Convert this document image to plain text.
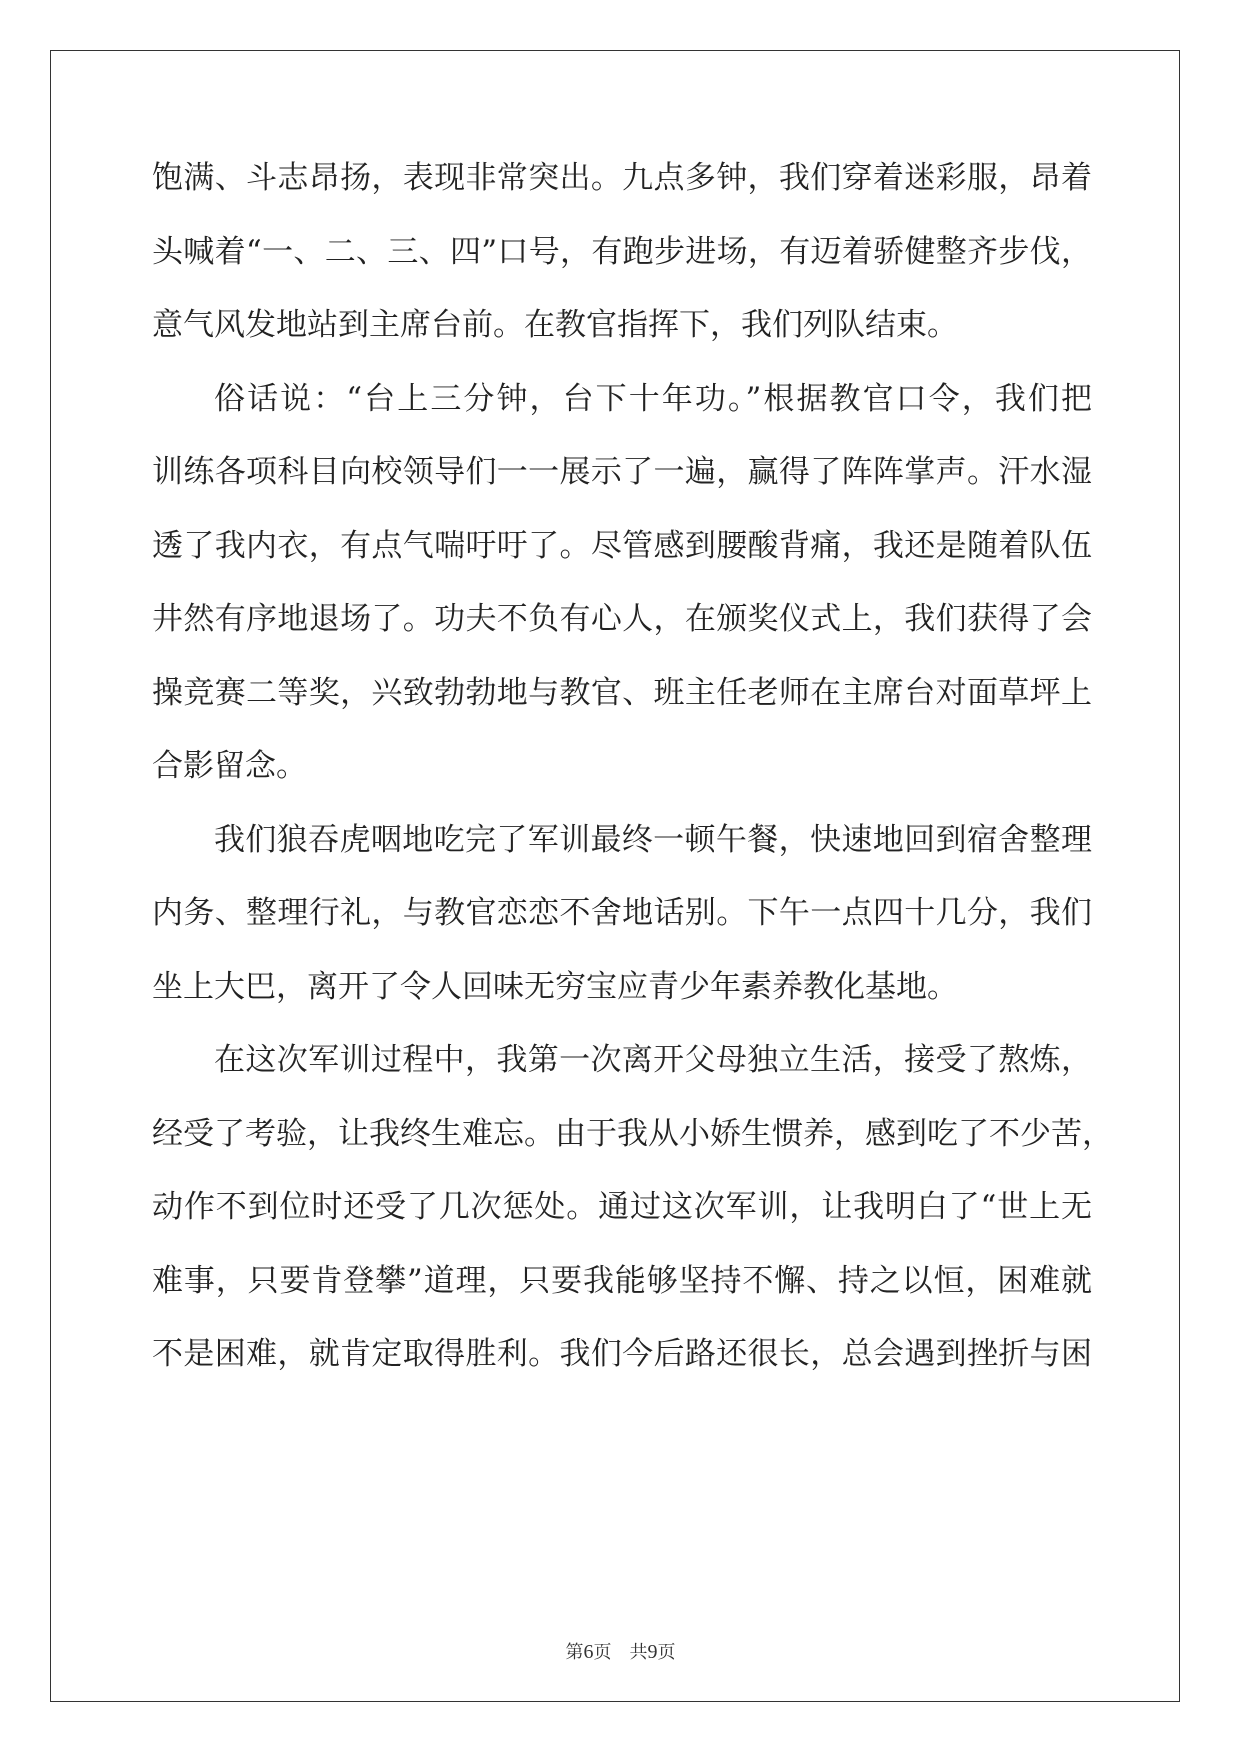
饱满、斗志昂扬，表现非常突出。九点多钟，我们穿着迷彩服，昂着
头喊着“一、二、三、四”口号，有跑步进场，有迈着骄健整齐步伐，
意气风发地站到主席台前。在教官指挥下，我们列队结束。
俗话说：“台上三分钟，台下十年功。”根据教官口令，我们把
训练各项科目向校领导们一一展示了一遍，赢得了阵阵掌声。汗水湿
透了我内衣，有点气喘吁吁了。尽管感到腰酸背痛，我还是随着队伍
井然有序地退场了。功夫不负有心人，在颁奖仪式上，我们获得了会
操竞赛二等奖，兴致勃勃地与教官、班主任老师在主席台对面草坪上
合影留念。
我们狼吞虎咽地吃完了军训最终一顿午餐，快速地回到宿舍整理
内务、整理行礼，与教官恋恋不舍地话别。下午一点四十几分，我们
坐上大巴，离开了令人回味无穷宝应青少年素养教化基地。
在这次军训过程中，我第一次离开父母独立生活，接受了熬炼，
经受了考验，让我终生难忘。由于我从小娇生惯养，感到吃了不少苦，
动作不到位时还受了几次惩处。通过这次军训，让我明白了“世上无
难事，只要肯登攀”道理，只要我能够坚持不懈、持之以恒，困难就
不是困难，就肯定取得胜利。我们今后路还很长，总会遇到挫折与困
第6页 共9页
